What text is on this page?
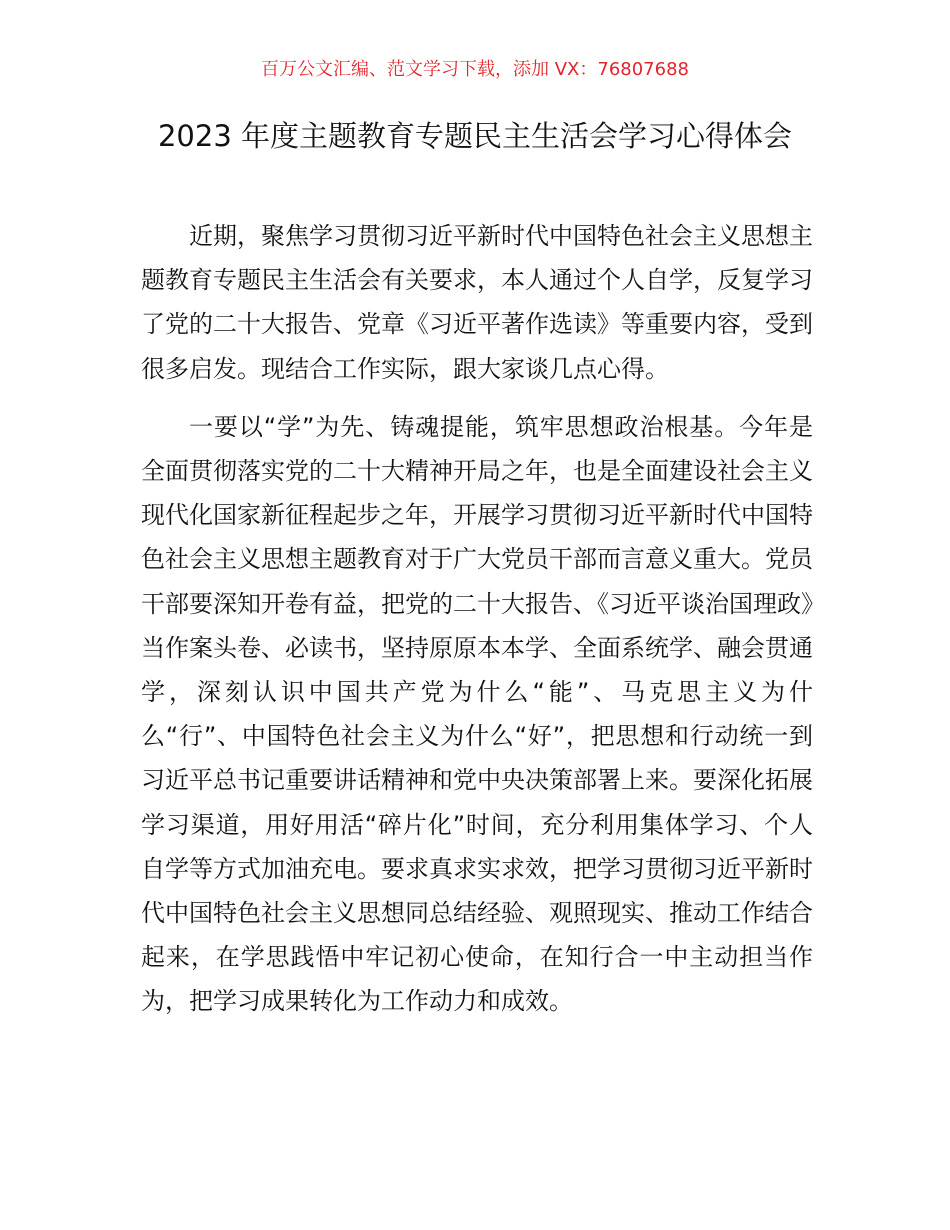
百万公文汇编、范文学习下载，添加 VX：76807688
2023 年度主题教育专题民主生活会学习心得体会

近期，聚焦学习贯彻习近平新时代中国特色社会主义思想主题教育专题民主生活会有关要求，本人通过个人自学，反复学习了党的二十大报告、党章《习近平著作选读》等重要内容，受到很多启发。现结合工作实际，跟大家谈几点心得。

一要以“学”为先、铸魂提能，筑牢思想政治根基。今年是全面贯彻落实党的二十大精神开局之年，也是全面建设社会主义现代化国家新征程起步之年，开展学习贯彻习近平新时代中国特色社会主义思想主题教育对于广大党员干部而言意义重大。党员干部要深知开卷有益，把党的二十大报告、《习近平谈治国理政》当作案头卷、必读书，坚持原原本本学、全面系统学、融会贯通学，深刻认识中国共产党为什么“能”、马克思主义为什么“行”、中国特色社会主义为什么“好”，把思想和行动统一到习近平总书记重要讲话精神和党中央决策部署上来。要深化拓展学习渠道，用好用活“碎片化”时间，充分利用集体学习、个人自学等方式加油充电。要求真求实求效，把学习贯彻习近平新时代中国特色社会主义思想同总结经验、观照现实、推动工作结合起来，在学思践悟中牢记初心使命，在知行合一中主动担当作为，把学习成果转化为工作动力和成效。
